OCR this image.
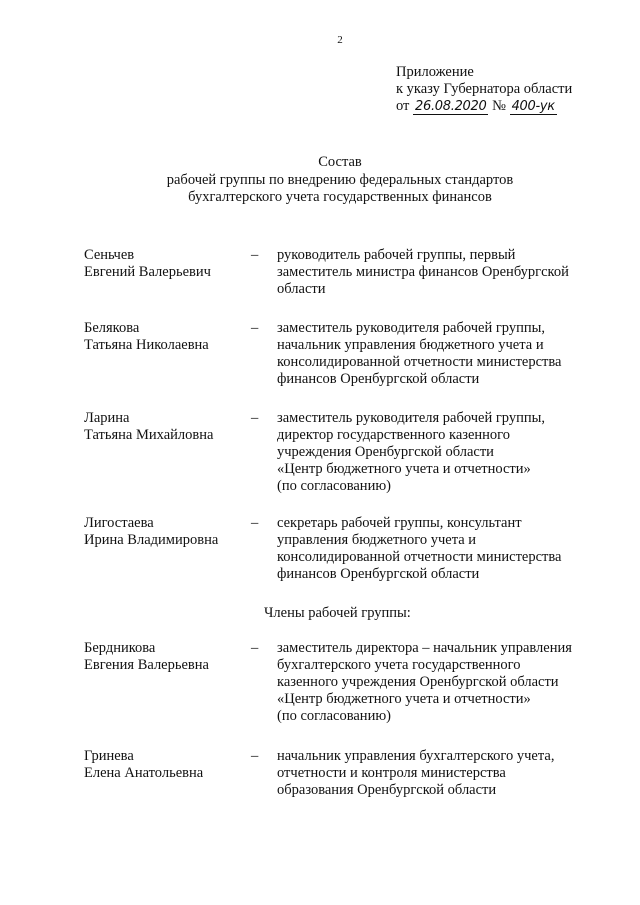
2
Приложение
к указу Губернатора области
от 26.08.2020 № 400-ук
Состав
рабочей группы по внедрению федеральных стандартов
бухгалтерского учета государственных финансов
Сеньчев
Евгений Валерьевич
– руководитель рабочей группы, первый
заместитель министра финансов Оренбургской
области
Белякова
Татьяна Николаевна
– заместитель руководителя рабочей группы,
начальник управления бюджетного учета и
консолидированной отчетности министерства
финансов Оренбургской области
Ларина
Татьяна Михайловна
– заместитель руководителя рабочей группы,
директор государственного казенного
учреждения Оренбургской области
«Центр бюджетного учета и отчетности»
(по согласованию)
Лигостаева
Ирина Владимировна
– секретарь рабочей группы, консультант
управления бюджетного учета и
консолидированной отчетности министерства
финансов Оренбургской области
Члены рабочей группы:
Бердникова
Евгения Валерьевна
– заместитель директора – начальник управления
бухгалтерского учета государственного
казенного учреждения Оренбургской области
«Центр бюджетного учета и отчетности»
(по согласованию)
Гринева
Елена Анатольевна
– начальник управления бухгалтерского учета,
отчетности и контроля министерства
образования Оренбургской области
